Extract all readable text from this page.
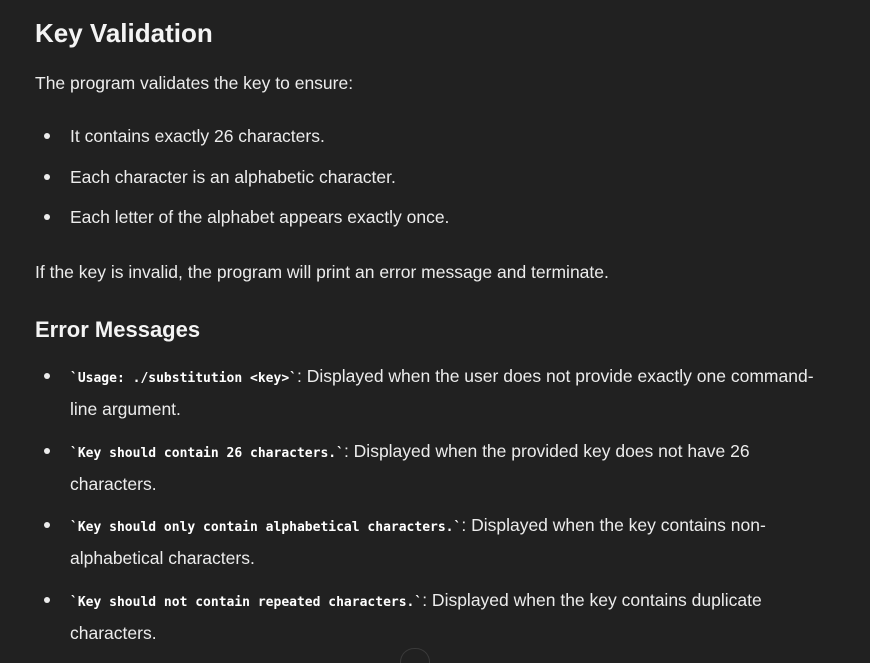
Key Validation

The program validates the key to ensure:

It contains exactly 26 characters.
Each character is an alphabetic character.
Each letter of the alphabet appears exactly once.

If the key is invalid, the program will print an error message and terminate.

Error Messages
`Usage: ./substitution <key>`: Displayed when the user does not provide exactly one command-line argument.
`Key should contain 26 characters.`: Displayed when the provided key does not have 26 characters.
`Key should only contain alphabetical characters.`: Displayed when the key contains non-alphabetical characters.
`Key should not contain repeated characters.`: Displayed when the key contains duplicate characters.
